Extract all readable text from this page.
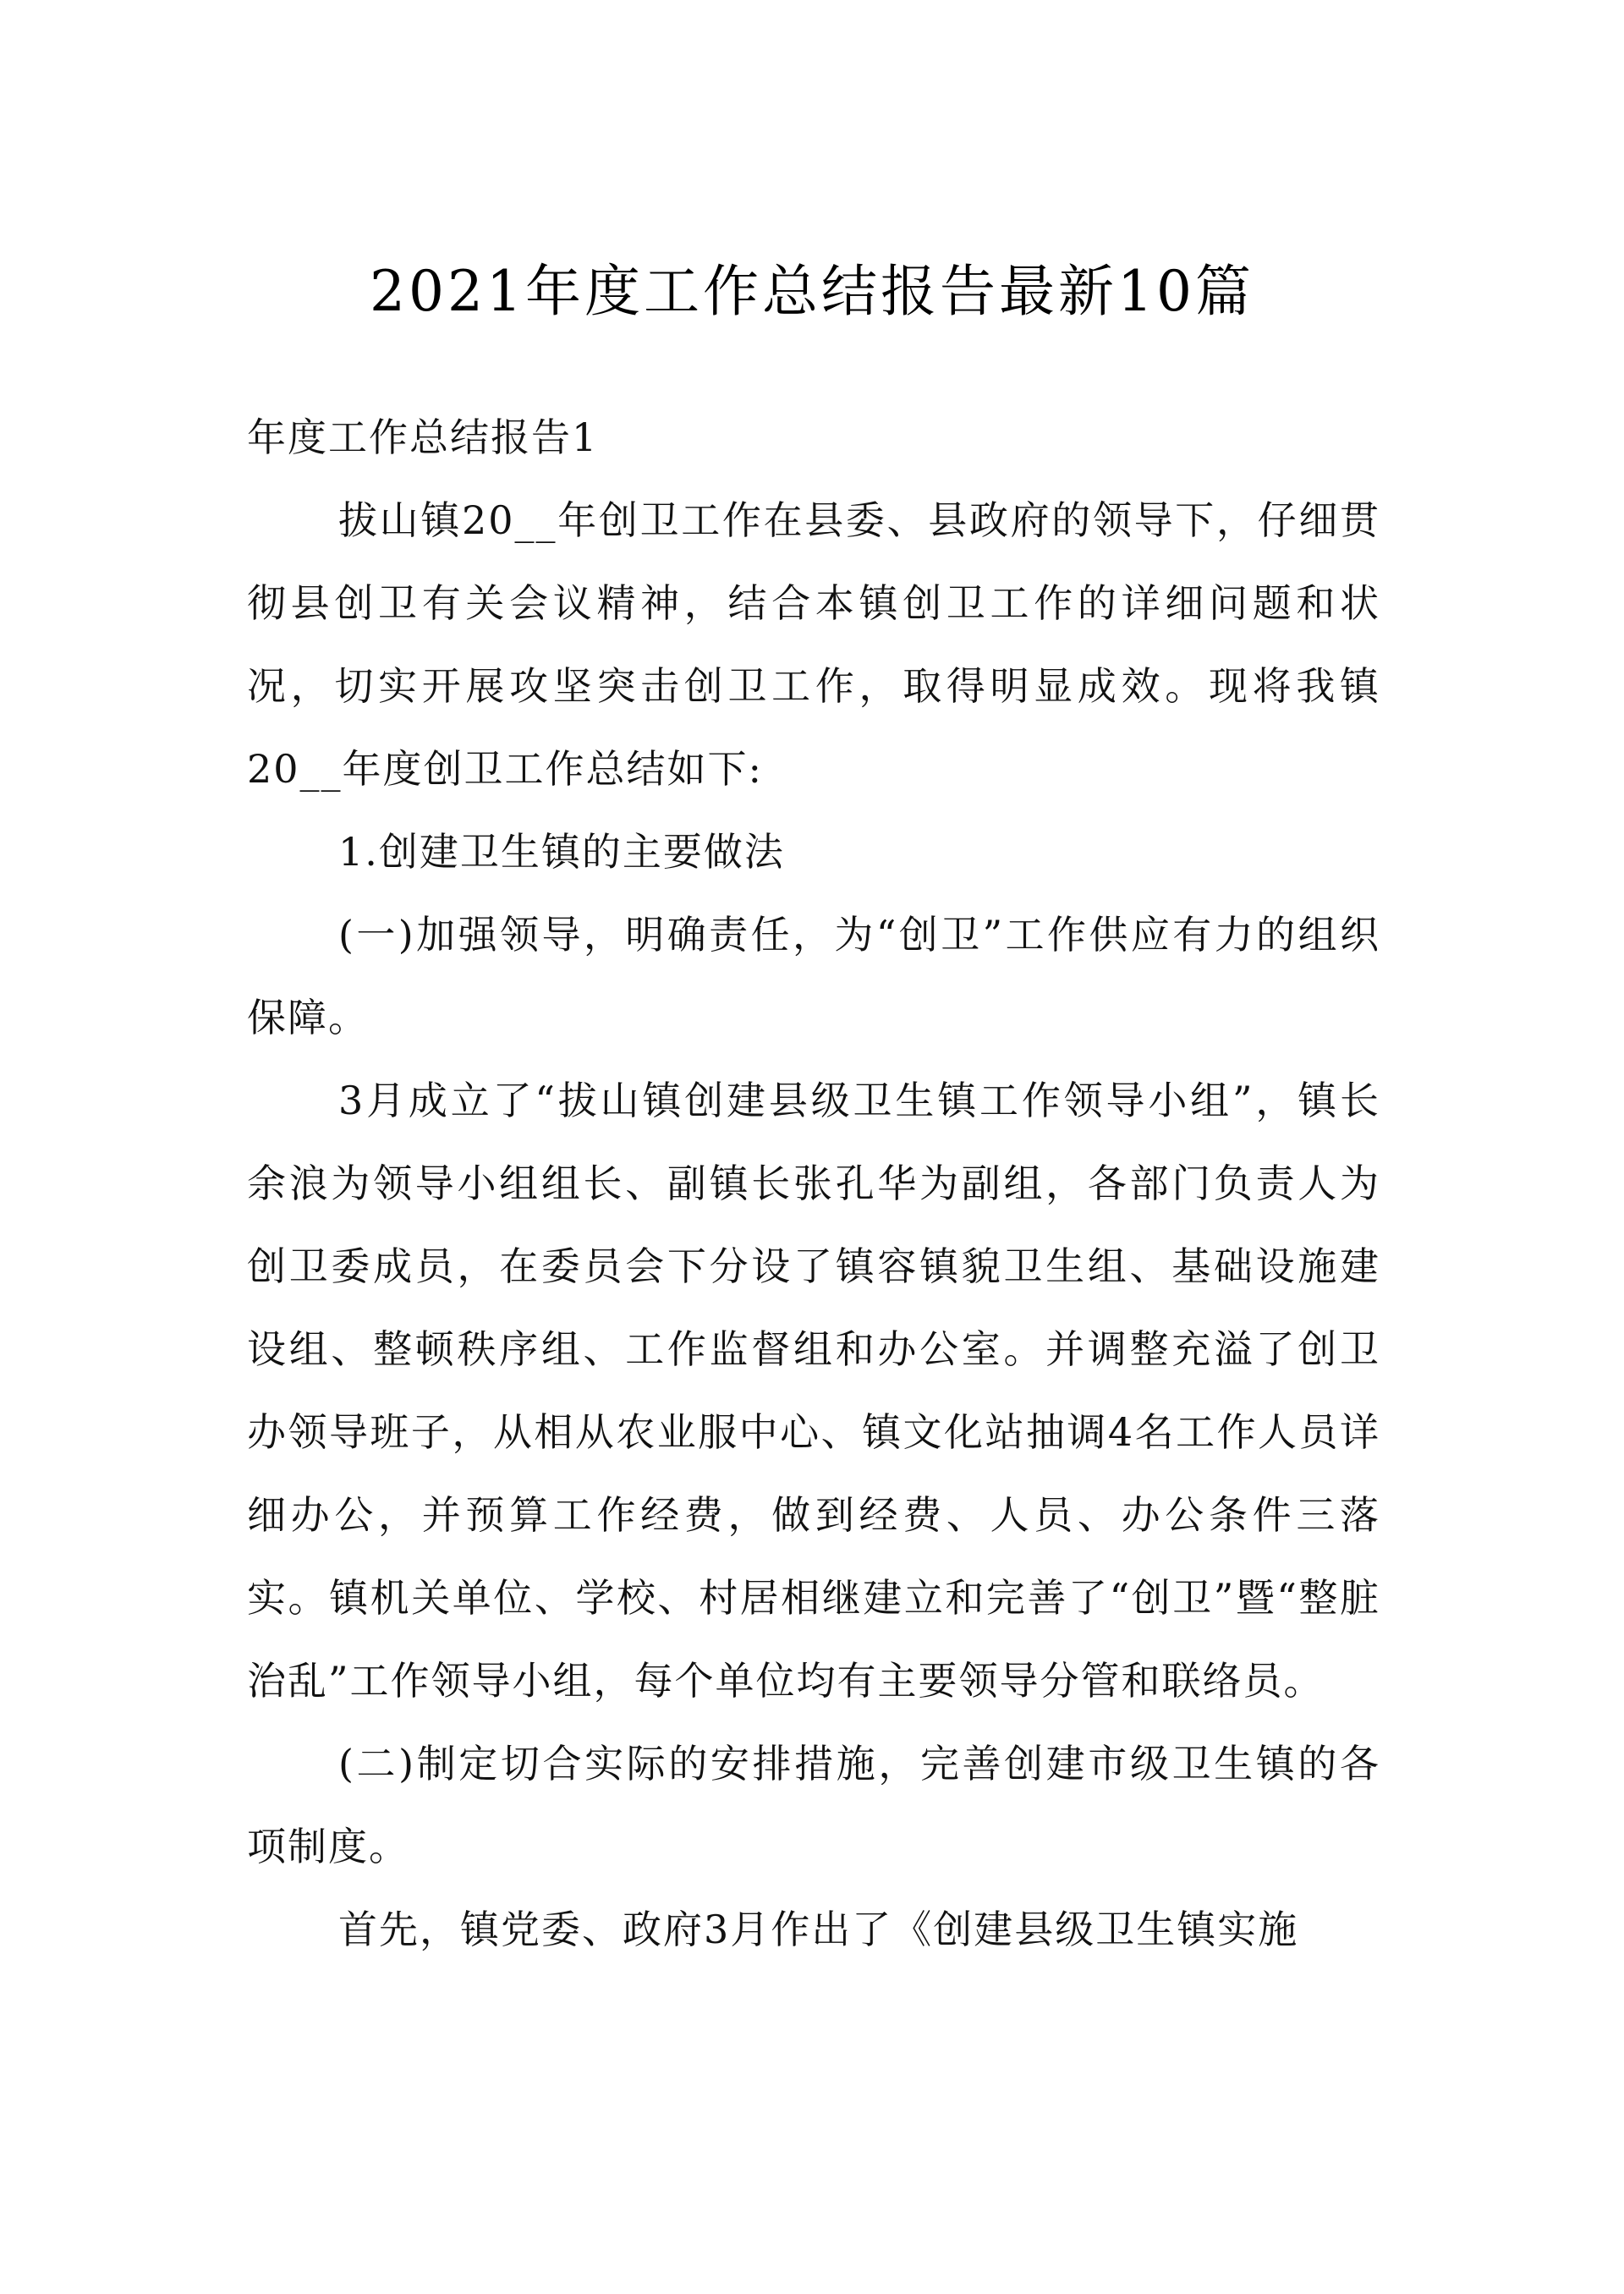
2021年度工作总结报告最新10篇

年度工作总结报告1

拔山镇20__年创卫工作在县委、县政府的领导下，仔细贯彻县创卫有关会议精神，结合本镇创卫工作的详细问题和状况，切实开展攻坚突击创卫工作，取得明显成效。现将我镇20__年度创卫工作总结如下:

1.创建卫生镇的主要做法

(一)加强领导，明确责任，为“创卫”工作供应有力的组织保障。

3月成立了“拔山镇创建县级卫生镇工作领导小组”，镇长余浪为领导小组组长、副镇长张孔华为副组，各部门负责人为创卫委成员，在委员会下分设了镇容镇貌卫生组、基础设施建设组、整顿秩序组、工作监督组和办公室。并调整充溢了创卫办领导班子，从相从农业服中心、镇文化站抽调4名工作人员详细办公，并预算工作经费，做到经费、人员、办公条件三落实。镇机关单位、学校、村居相继建立和完善了“创卫”暨“整脏治乱”工作领导小组，每个单位均有主要领导分管和联络员。

(二)制定切合实际的安排措施，完善创建市级卫生镇的各项制度。

首先，镇党委、政府3月作出了《创建县级卫生镇实施
